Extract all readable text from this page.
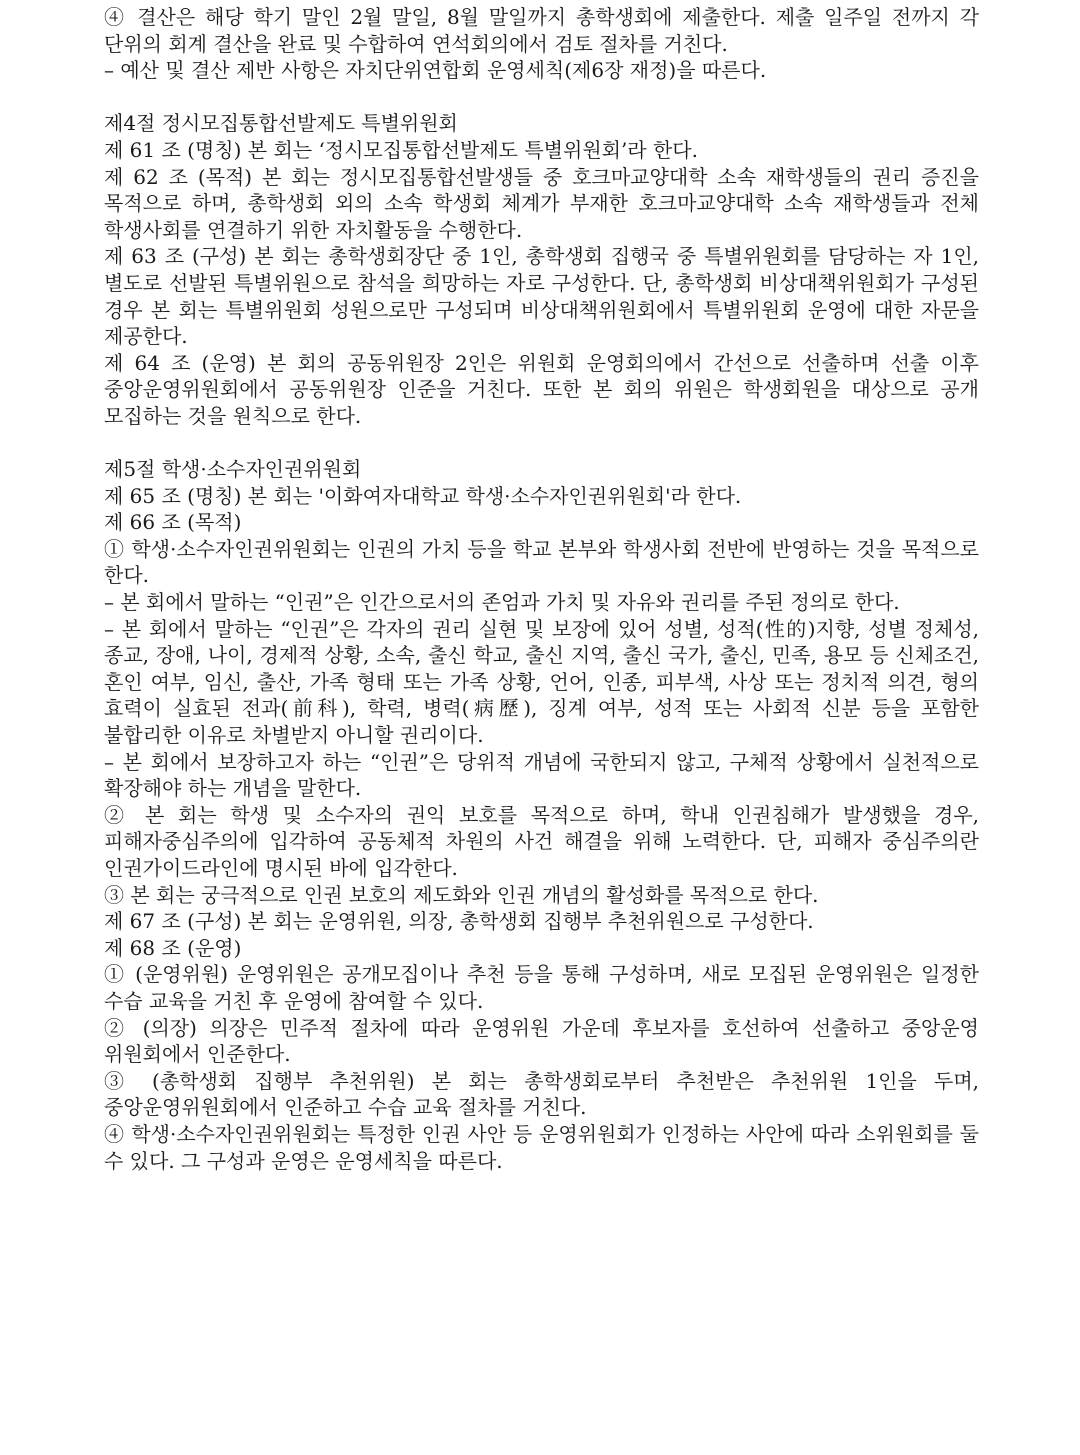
④ 결산은 해당 학기 말인 2월 말일, 8월 말일까지 총학생회에 제출한다. 제출 일주일 전까지 각 단위의 회계 결산을 완료 및 수합하여 연석회의에서 검토 절차를 거친다.

– 예산 및 결산 제반 사항은 자치단위연합회 운영세칙(제6장 재정)을 따른다.

제4절 정시모집통합선발제도 특별위원회

제 61 조 (명칭) 본 회는 ‘정시모집통합선발제도 특별위원회’라 한다.

제 62 조 (목적) 본 회는 정시모집통합선발생들 중 호크마교양대학 소속 재학생들의 권리 증진을 목적으로 하며, 총학생회 외의 소속 학생회 체계가 부재한 호크마교양대학 소속 재학생들과 전체 학생사회를 연결하기 위한 자치활동을 수행한다.

제 63 조 (구성) 본 회는 총학생회장단 중 1인, 총학생회 집행국 중 특별위원회를 담당하는 자 1인, 별도로 선발된 특별위원으로 참석을 희망하는 자로 구성한다. 단, 총학생회 비상대책위원회가 구성된 경우 본 회는 특별위원회 성원으로만 구성되며 비상대책위원회에서 특별위원회 운영에 대한 자문을 제공한다.

제 64 조 (운영) 본 회의 공동위원장 2인은 위원회 운영회의에서 간선으로 선출하며 선출 이후 중앙운영위원회에서 공동위원장 인준을 거친다. 또한 본 회의 위원은 학생회원을 대상으로 공개 모집하는 것을 원칙으로 한다.

제5절 학생·소수자인권위원회

제 65 조 (명칭) 본 회는 '이화여자대학교 학생·소수자인권위원회'라 한다.

제 66 조 (목적)

① 학생·소수자인권위원회는 인권의 가치 등을 학교 본부와 학생사회 전반에 반영하는 것을 목적으로 한다.

– 본 회에서 말하는 “인권”은 인간으로서의 존엄과 가치 및 자유와 권리를 주된 정의로 한다.

– 본 회에서 말하는 “인권”은 각자의 권리 실현 및 보장에 있어 성별, 성적(性的)지향, 성별 정체성, 종교, 장애, 나이, 경제적 상황, 소속, 출신 학교, 출신 지역, 출신 국가, 출신, 민족, 용모 등 신체조건, 혼인 여부, 임신, 출산, 가족 형태 또는 가족 상황, 언어, 인종, 피부색, 사상 또는 정치적 의견, 형의 효력이 실효된 전과(前科), 학력, 병력(病歷), 징계 여부, 성적 또는 사회적 신분 등을 포함한 불합리한 이유로 차별받지 아니할 권리이다.

– 본 회에서 보장하고자 하는 “인권”은 당위적 개념에 국한되지 않고, 구체적 상황에서 실천적으로 확장해야 하는 개념을 말한다.

② 본 회는 학생 및 소수자의 권익 보호를 목적으로 하며, 학내 인권침해가 발생했을 경우, 피해자중심주의에 입각하여 공동체적 차원의 사건 해결을 위해 노력한다. 단, 피해자 중심주의란 인권가이드라인에 명시된 바에 입각한다.

③ 본 회는 궁극적으로 인권 보호의 제도화와 인권 개념의 활성화를 목적으로 한다.

제 67 조 (구성) 본 회는 운영위원, 의장, 총학생회 집행부 추천위원으로 구성한다.

제 68 조 (운영)

① (운영위원) 운영위원은 공개모집이나 추천 등을 통해 구성하며, 새로 모집된 운영위원은 일정한 수습 교육을 거친 후 운영에 참여할 수 있다.

② (의장) 의장은 민주적 절차에 따라 운영위원 가운데 후보자를 호선하여 선출하고 중앙운영 위원회에서 인준한다.

③ (총학생회 집행부 추천위원) 본 회는 총학생회로부터 추천받은 추천위원 1인을 두며, 중앙운영위원회에서 인준하고 수습 교육 절차를 거친다.

④ 학생·소수자인권위원회는 특정한 인권 사안 등 운영위원회가 인정하는 사안에 따라 소위원회를 둘 수 있다. 그 구성과 운영은 운영세칙을 따른다.
